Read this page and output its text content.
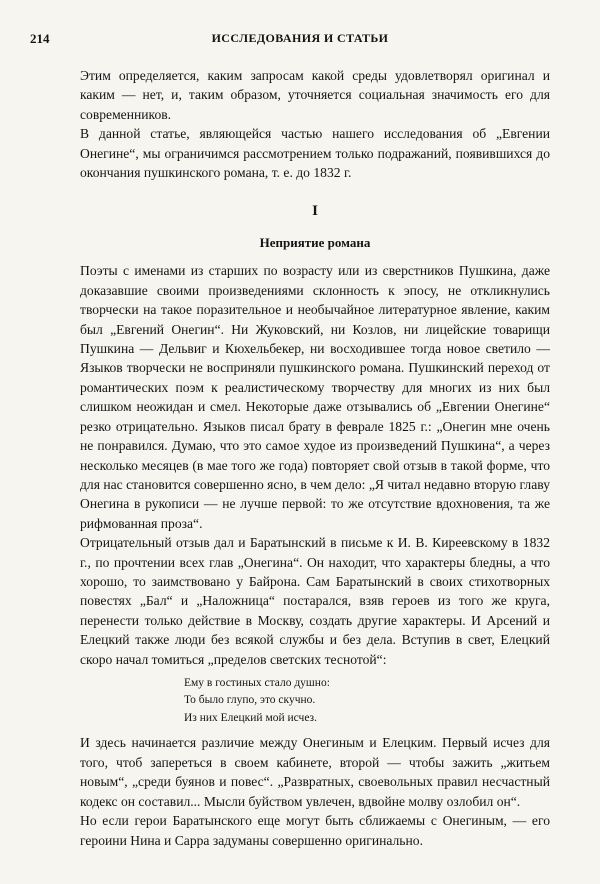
214	ИССЛЕДОВАНИЯ И СТАТЬИ

Этим определяется, каким запросам какой среды удовлетворял оригинал и каким — нет, и, таким образом, уточняется социальная значимость его для современников.

В данной статье, являющейся частью нашего исследования об „Евгении Онегине“, мы ограничимся рассмотрением только подражаний, появившихся до окончания пушкинского романа, т. е. до 1832 г.

I
Неприятие романа

Поэты с именами из старших по возрасту или из сверстников Пушкина, даже доказавшие своими произведениями склонность к эпосу, не откликнулись творчески на такое поразительное и необычайное литературное явление, каким был „Евгений Онегин“. Ни Жуковский, ни Козлов, ни лицейские товарищи Пушкина — Дельвиг и Кюхельбекер, ни восходившее тогда новое светило — Языков творчески не восприняли пушкинского романа. Пушкинский переход от романтических поэм к реалистическому творчеству для многих из них был слишком неожидан и смел. Некоторые даже отзывались об „Евгении Онегине“ резко отрицательно. Языков писал брату в феврале 1825 г.: „Онегин мне очень не понравился. Думаю, что это самое худое из произведений Пушкина“, а через несколько месяцев (в мае того же года) повторяет свой отзыв в такой форме, что для нас становится совершенно ясно, в чем дело: „Я читал недавно вторую главу Онегина в рукописи — не лучше первой: то же отсутствие вдохновения, та же рифмованная проза“.

Отрицательный отзыв дал и Баратынский в письме к И. В. Киреевскому в 1832 г., по прочтении всех глав „Онегина“. Он находит, что характеры бледны, а что хорошо, то заимствовано у Байрона. Сам Баратынский в своих стихотворных повестях „Бал“ и „Наложница“ постарался, взяв героев из того же круга, перенести только действие в Москву, создать другие характеры. И Арсений и Елецкий также люди без всякой службы и без дела. Вступив в свет, Елецкий скоро начал томиться „пределов светских теснотой“:

Ему в гостиных стало душно:
То было глупо, это скучно.
Из них Елецкий мой исчез.

И здесь начинается различие между Онегиным и Елецким. Первый исчез для того, чтоб запереться в своем кабинете, второй — чтобы зажить „житьем новым“, „среди буянов и повес“. „Развратных, своевольных правил несчастный кодекс он составил... Мысли буйством увлечен, вдвойне молву озлобил он“.

Но если герои Баратынского еще могут быть сближаемы с Онегиным, — его героини Нина и Сарра задуманы совершенно оригинально.
